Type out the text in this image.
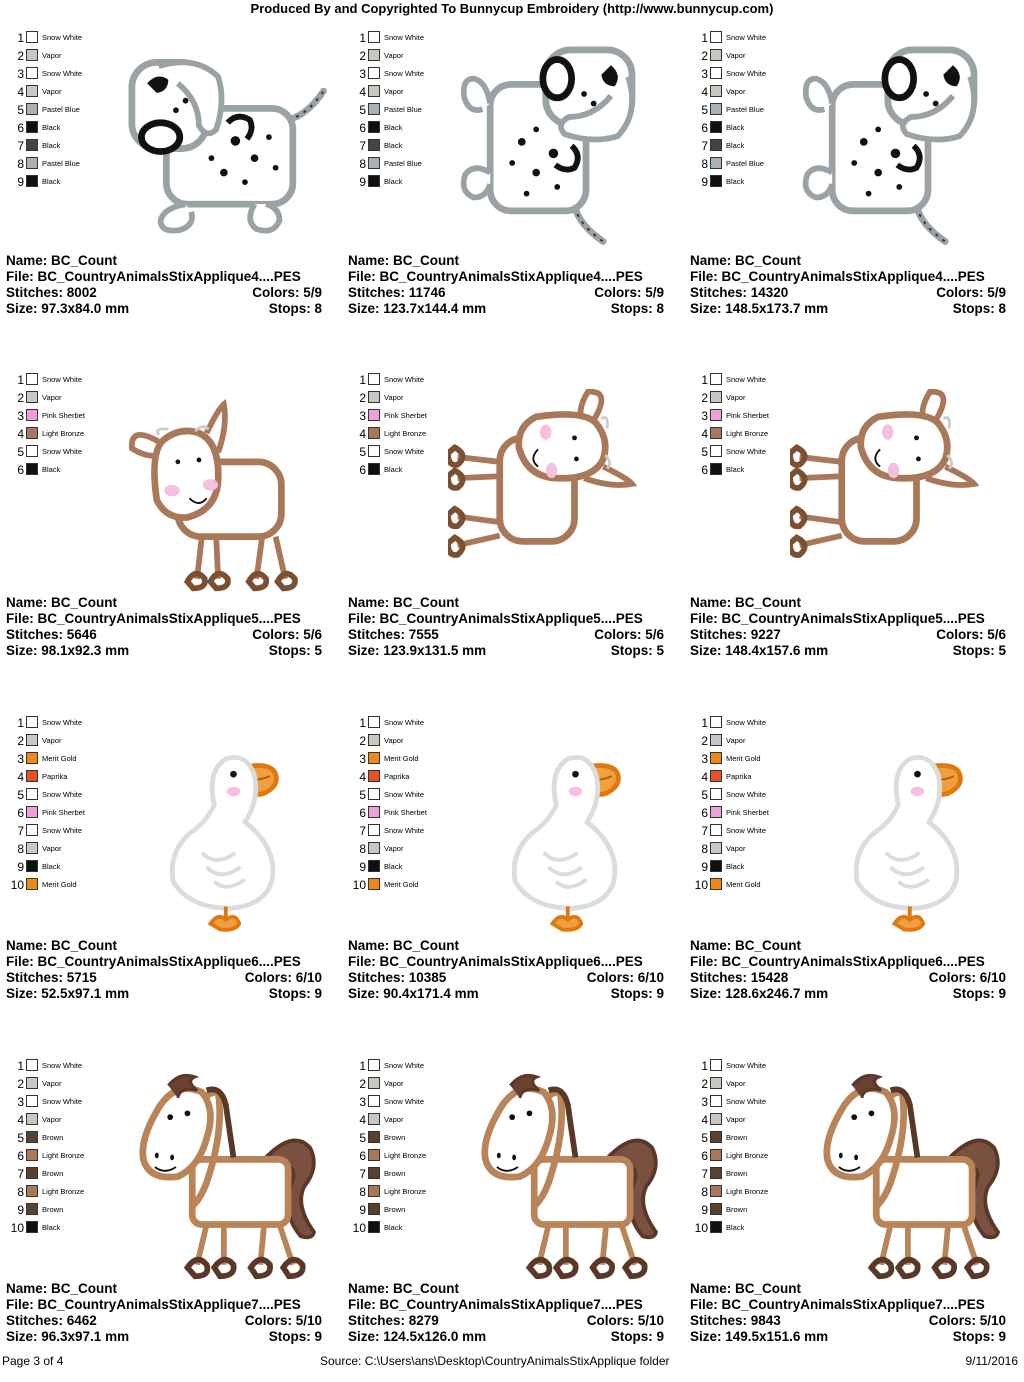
Produced By and Copyrighted To Bunnycup Embroidery (http://www.bunnycup.com)
1 Snow White
2 Vapor
3 Snow White
4 Vapor
5 Pastel Blue
6 Black
7 Black
8 Pastel Blue
9 Black
Name: BC_Count
File: BC_CountryAnimalsStixApplique4....PES
Stitches: 8002	Colors: 5/9
Size: 97.3x84.0 mm	Stops: 8
1 Snow White
2 Vapor
3 Snow White
4 Vapor
5 Pastel Blue
6 Black
7 Black
8 Pastel Blue
9 Black
Name: BC_Count
File: BC_CountryAnimalsStixApplique4....PES
Stitches: 11746	Colors: 5/9
Size: 123.7x144.4 mm	Stops: 8
1 Snow White
2 Vapor
3 Snow White
4 Vapor
5 Pastel Blue
6 Black
7 Black
8 Pastel Blue
9 Black
Name: BC_Count
File: BC_CountryAnimalsStixApplique4....PES
Stitches: 14320	Colors: 5/9
Size: 148.5x173.7 mm	Stops: 8
1 Snow White
2 Vapor
3 Pink Sherbet
4 Light Bronze
5 Snow White
6 Black
Name: BC_Count
File: BC_CountryAnimalsStixApplique5....PES
Stitches: 5646	Colors: 5/6
Size: 98.1x92.3 mm	Stops: 5
1 Snow White
2 Vapor
3 Pink Sherbet
4 Light Bronze
5 Snow White
6 Black
Name: BC_Count
File: BC_CountryAnimalsStixApplique5....PES
Stitches: 7555	Colors: 5/6
Size: 123.9x131.5 mm	Stops: 5
1 Snow White
2 Vapor
3 Pink Sherbet
4 Light Bronze
5 Snow White
6 Black
Name: BC_Count
File: BC_CountryAnimalsStixApplique5....PES
Stitches: 9227	Colors: 5/6
Size: 148.4x157.6 mm	Stops: 5
1 Snow White
2 Vapor
3 Merit Gold
4 Paprika
5 Snow White
6 Pink Sherbet
7 Snow White
8 Vapor
9 Black
10 Merit Gold
Name: BC_Count
File: BC_CountryAnimalsStixApplique6....PES
Stitches: 5715	Colors: 6/10
Size: 52.5x97.1 mm	Stops: 9
1 Snow White
2 Vapor
3 Merit Gold
4 Paprika
5 Snow White
6 Pink Sherbet
7 Snow White
8 Vapor
9 Black
10 Merit Gold
Name: BC_Count
File: BC_CountryAnimalsStixApplique6....PES
Stitches: 10385	Colors: 6/10
Size: 90.4x171.4 mm	Stops: 9
1 Snow White
2 Vapor
3 Merit Gold
4 Paprika
5 Snow White
6 Pink Sherbet
7 Snow White
8 Vapor
9 Black
10 Merit Gold
Name: BC_Count
File: BC_CountryAnimalsStixApplique6....PES
Stitches: 15428	Colors: 6/10
Size: 128.6x246.7 mm	Stops: 9
1 Snow White
2 Vapor
3 Snow White
4 Vapor
5 Brown
6 Light Bronze
7 Brown
8 Light Bronze
9 Brown
10 Black
Name: BC_Count
File: BC_CountryAnimalsStixApplique7....PES
Stitches: 6462	Colors: 5/10
Size: 96.3x97.1 mm	Stops: 9
1 Snow White
2 Vapor
3 Snow White
4 Vapor
5 Brown
6 Light Bronze
7 Brown
8 Light Bronze
9 Brown
10 Black
Name: BC_Count
File: BC_CountryAnimalsStixApplique7....PES
Stitches: 8279	Colors: 5/10
Size: 124.5x126.0 mm	Stops: 9
1 Snow White
2 Vapor
3 Snow White
4 Vapor
5 Brown
6 Light Bronze
7 Brown
8 Light Bronze
9 Brown
10 Black
Name: BC_Count
File: BC_CountryAnimalsStixApplique7....PES
Stitches: 9843	Colors: 5/10
Size: 149.5x151.6 mm	Stops: 9
Page 3 of 4	Source: C:\Users\ans\Desktop\CountryAnimalsStixApplique folder	9/11/2016
